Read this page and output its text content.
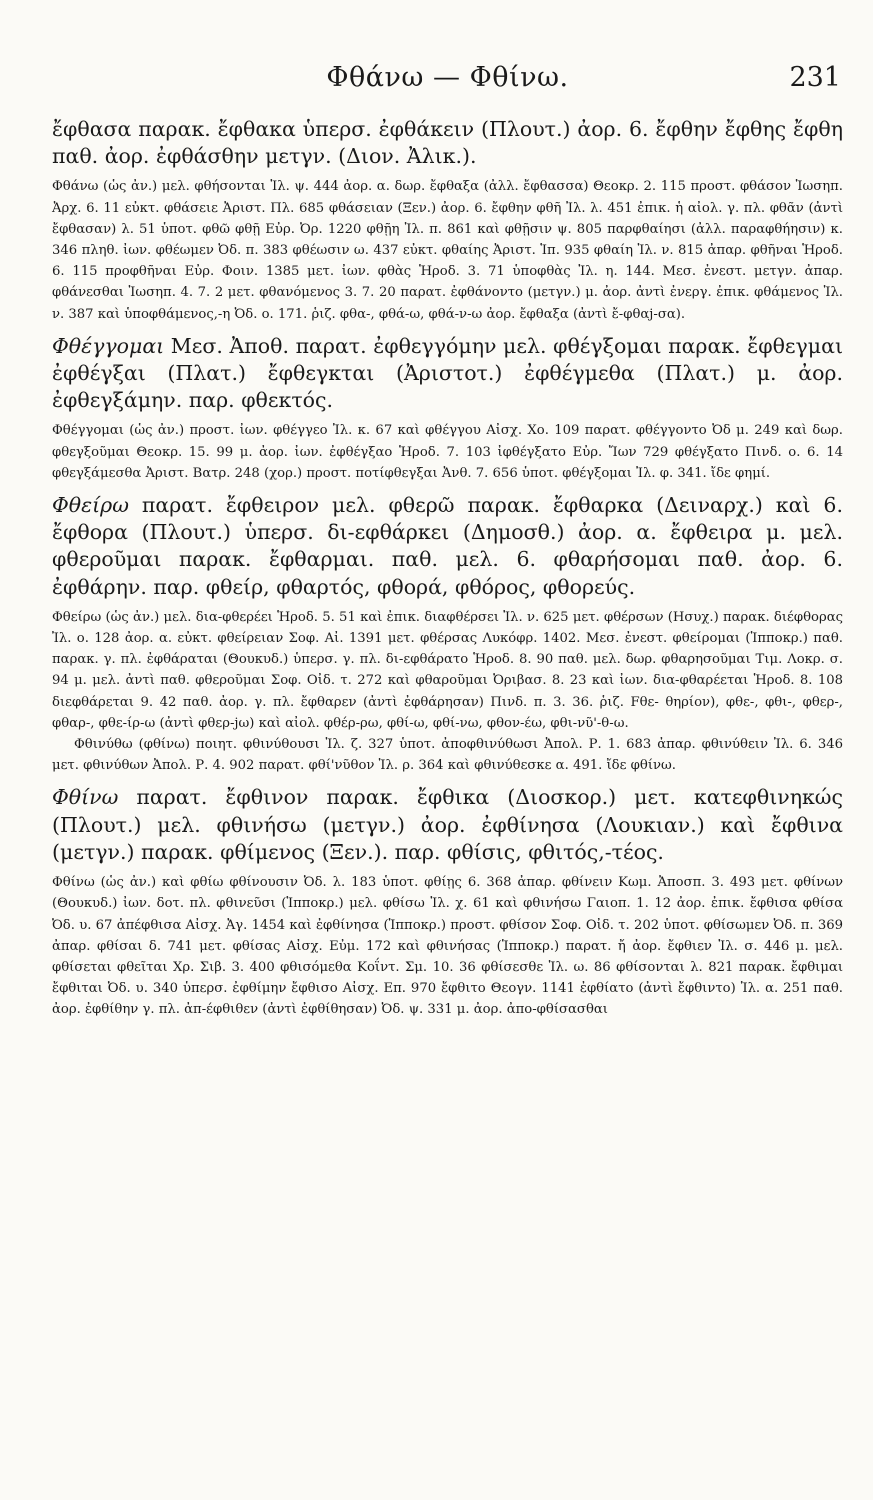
Φθάνω — Φθίνω.	231

ἔφθασα παρακ. ἔφθακα ὑπερσ. ἐφθάκειν (Πλουτ.) ἀορ. 6. ἔφθην ἔφθης ἔφθη παθ. ἀορ. ἐφθάσθην μετγν. (Διον. Ἀλικ.).

Φθάνω (ὡς ἀν.) μελ. φθήσονται Ἰλ. ψ. 444 ἀορ. α. δωρ. ἔφθαξα (ἀλλ. ἔφθασσα) Θεοκρ. 2. 115 προστ. φθάσον Ἰωσηπ. Ἀρχ. 6. 11 εὐκτ. φθάσειε Ἀριστ. Πλ. 685 φθάσειαν (Ξεν.) ἀορ. 6. ἔφθην φθῆ Ἰλ. λ. 451 ἐπικ. ἡ αἰολ. γ. πλ. φθᾶν (ἀντὶ ἔφθασαν) λ. 51 ὑποτ. φθῶ φθῇ Εὐρ. Ὀρ. 1220 φθῇη Ἰλ. π. 861 καὶ φθῇσιν ψ. 805 παρφθαίησι (ἀλλ. παραφθήησιν) κ. 346 πληθ. ἰων. φθέωμεν Ὀδ. π. 383 φθέωσιν ω. 437 εὐκτ. φθαίης Ἀριστ. Ἱπ. 935 φθαίη Ἰλ. ν. 815 ἀπαρ. φθῆναι Ἡροδ. 6. 115 προφθῆναι Εὐρ. Φοιν. 1385 μετ. ἰων. φθὰς Ἡροδ. 3. 71 ὑποφθὰς Ἰλ. η. 144. Μεσ. ἐνεστ. μετγν. ἀπαρ. φθάνεσθαι Ἰωσηπ. 4. 7. 2 μετ. φθανόμενος 3. 7. 20 παρατ. ἐφθάνοντο (μετγν.) μ. ἀορ. ἀντὶ ἐνεργ. ἐπικ. φθάμενος Ἰλ. ν. 387 καὶ ὑποφθάμενος,-η Ὀδ. ο. 171. ῥιζ. φθα-, φθά-ω, φθά-ν-ω ἀορ. ἔφθαξα (ἀντὶ ἔ-φθαj-σα).

Φθέγγομαι Μεσ. Ἀποθ. παρατ. ἐφθεγγόμην μελ. φθέγξομαι παρακ. ἔφθεγμαι ἐφθέγξαι (Πλατ.) ἔφθεγκται (Ἀριστοτ.) ἐφθέγμεθα (Πλατ.) μ. ἀορ. ἐφθεγξάμην. παρ. φθεκτός.

Φθέγγομαι (ὡς ἀν.) προστ. ἰων. φθέγγεο Ἰλ. κ. 67 καὶ φθέγγου Αἰσχ. Χο. 109 παρατ. φθέγγοντο Ὀδ μ. 249 καὶ δωρ. φθεγξοῦμαι Θεοκρ. 15. 99 μ. ἀορ. ἰων. ἐφθέγξαο Ἡροδ. 7. 103 ἰφθέγξατο Εὐρ. Ἴων 729 φθέγξατο Πινδ. ο. 6. 14 φθεγξάμεσθα Ἀριστ. Βατρ. 248 (χορ.) προστ. ποτίφθεγξαι Ἀνθ. 7. 656 ὑποτ. φθέγξομαι Ἰλ. φ. 341. ἴδε φημί.

Φθείρω παρατ. ἔφθειρον μελ. φθερῶ παρακ. ἔφθαρκα (Δειναρχ.) καὶ 6. ἔφθορα (Πλουτ.) ὑπερσ. δι-εφθάρκει (Δημοσθ.) ἀορ. α. ἔφθειρα μ. μελ. φθεροῦμαι παρακ. ἔφθαρμαι. παθ. μελ. 6. φθαρήσομαι παθ. ἀορ. 6. ἐφθάρην. παρ. φθείρ, φθαρτός, φθορά, φθόρος, φθορεύς.

Φθείρω (ὡς ἀν.) μελ. δια-φθερέει Ἡροδ. 5. 51 καὶ ἐπικ. διαφθέρσει Ἰλ. ν. 625 μετ. φθέρσων (Ησυχ.) παρακ. διέφθορας Ἰλ. ο. 128 ἀορ. α. εὐκτ. φθείρειαν Σοφ. Αἰ. 1391 μετ. φθέρσας Λυκόφρ. 1402. Μεσ. ἐνεστ. φθείρομαι (Ἱπποκρ.) παθ. παρακ. γ. πλ. ἐφθάραται (Θουκυδ.) ὑπερσ. γ. πλ. δι-εφθάρατο Ἡροδ. 8. 90 παθ. μελ. δωρ. φθαρησοῦμαι Τιμ. Λοκρ. σ. 94 μ. μελ. ἀντὶ παθ. φθεροῦμαι Σοφ. Οἰδ. τ. 272 καὶ φθαροῦμαι Ὀριβασ. 8. 23 καὶ ἰων. δια-φθαρέεται Ἡροδ. 8. 108 διεφθάρεται 9. 42 παθ. ἀορ. γ. πλ. ἔφθαρεν (ἀντὶ ἐφθάρησαν) Πινδ. π. 3. 36. ῥιζ. Fθε- θηρίον), φθε-, φθι-, φθερ-, φθαρ-, φθε-ίρ-ω (ἀντὶ φθερ-jω) καὶ αἰολ. φθέρ-ρω, φθί-ω, φθί-νω, φθον-έω, φθι-νῦ'-θ-ω.

Φθινύθω (φθίνω) ποιητ. φθινύθουσι Ἰλ. ζ. 327 ὑποτ. ἀποφθινύθωσι Ἀπολ. Ρ. 1. 683 ἀπαρ. φθινύθειν Ἰλ. 6. 346 μετ. φθινύθων Ἀπολ. Ρ. 4. 902 παρατ. φθί'νῦθον Ἰλ. ρ. 364 καὶ φθινύθεσκε α. 491. ἴδε φθίνω.

Φθίνω παρατ. ἔφθινον παρακ. ἔφθικα (Διοσκορ.) μετ. κατεφθινηκώς (Πλουτ.) μελ. φθινήσω (μετγν.) ἀορ. ἐφθίνησα (Λουκιαν.) καὶ ἔφθινα (μετγν.) παρακ. φθίμενος (Ξεν.). παρ. φθίσις, φθιτός,-τέος.

Φθίνω (ὡς ἀν.) καὶ φθίω φθίνουσιν Ὀδ. λ. 183 ὑποτ. φθίῃς 6. 368 ἀπαρ. φθίνειν Κωμ. Ἀποσπ. 3. 493 μετ. φθίνων (Θουκυδ.) ἰων. δοτ. πλ. φθινεῦσι (Ἱπποκρ.) μελ. φθίσω Ἰλ. χ. 61 καὶ φθινήσω Γαιοπ. 1. 12 ἀορ. ἐπικ. ἔφθισα φθίσα Ὀδ. υ. 67 ἀπέφθισα Αἰσχ. Ἀγ. 1454 καὶ ἐφθίνησα (Ἱπποκρ.) προστ. φθίσον Σοφ. Οἰδ. τ. 202 ὑποτ. φθίσωμεν Ὀδ. π. 369 ἀπαρ. φθίσαι δ. 741 μετ. φθίσας Αἰσχ. Εὐμ. 172 καὶ φθινήσας (Ἱπποκρ.) παρατ. ἤ ἀορ. ἔφθιεν Ἰλ. σ. 446 μ. μελ. φθίσεται φθεῖται Χρ. Σιβ. 3. 400 φθισόμεθα Κοΐντ. Σμ. 10. 36 φθίσεσθε Ἰλ. ω. 86 φθίσονται λ. 821 παρακ. ἔφθιμαι ἔφθιται Ὀδ. υ. 340 ὑπερσ. ἐφθίμην ἔφθισο Αἰσχ. Επ. 970 ἔφθιτο Θεογν. 1141 ἐφθίατο (ἀντὶ ἔφθιντο) Ἰλ. α. 251 παθ. ἀορ. ἐφθίθην γ. πλ. ἀπ-έφθιθεν (ἀντὶ ἐφθίθησαν) Ὀδ. ψ. 331 μ. ἀορ. ἀπο-φθίσασθαι
